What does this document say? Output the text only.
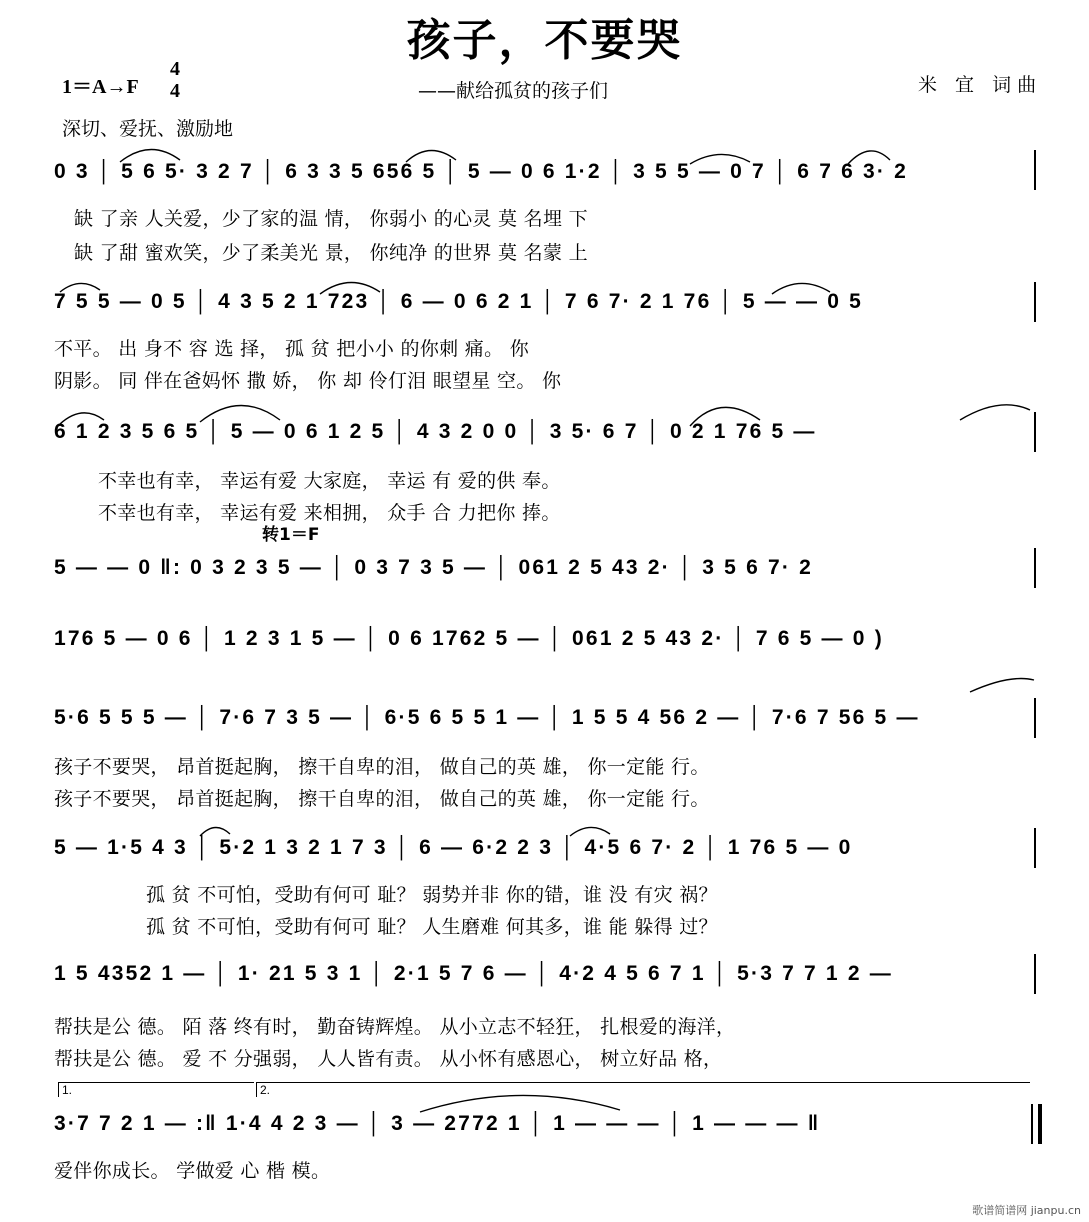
孩子，不要哭
1＝A→F
4
4	——献给孤贫的孩子们	米 宜 词曲
深切、爱抚、激励地
转1＝F
0 3 │ 5 6 5· 3 2 7 │ 6 3 3 5 656 5 │ 5 — 0 6 1·2 │ 3 5 5 — 0 7 │ 6 7 6 3· 2
缺 了亲 人关爱，少了家的温 情， 你弱小 的心灵 莫 名埋 下
缺 了甜 蜜欢笑，少了柔美光 景， 你纯净 的世界 莫 名蒙 上
7 5 5 — 0 5 │ 4 3 5 2 1 723 │ 6 — 0 6 2 1 │ 7 6 7· 2 1 76 │ 5 — — 0 5
不平。 出 身不 容 选 择， 孤 贫 把小小 的你刺 痛。 你
阴影。 同 伴在爸妈怀 撒 娇， 你 却 伶仃泪 眼望星 空。 你
6 1 2 3 5 6 5 │ 5 — 0 6 1 2 5 │ 4 3 2 0 0 │ 3 5· 6 7 │ 0 2 1 76 5 —
不幸也有幸， 幸运有爱 大家庭， 幸运 有 爱的供 奉。
不幸也有幸， 幸运有爱 来相拥， 众手 合 力把你 捧。
5 — — 0 ‖: 0 3 2 3 5 — │ 0 3 7 3 5 — │ 061 2 5 43 2· │ 3 5 6 7· 2
176 5 — 0 6 │ 1 2 3 1 5 — │ 0 6 1762 5 — │ 061 2 5 43 2· │ 7 6 5 — 0 )
5·6 5 5 5 — │ 7·6 7 3 5 — │ 6·5 6 5 5 1 — │ 1 5 5 4 56 2 — │ 7·6 7 56 5 —
孩子不要哭， 昂首挺起胸， 擦干自卑的泪， 做自己的英 雄， 你一定能 行。
孩子不要哭， 昂首挺起胸， 擦干自卑的泪， 做自己的英 雄， 你一定能 行。
5 — 1·5 4 3 │ 5·2 1 3 2 1 7 3 │ 6 — 6·2 2 3 │ 4·5 6 7· 2 │ 1 76 5 — 0
孤 贫 不可怕，受助有何可 耻？ 弱势并非 你的错，谁 没 有灾 祸？
孤 贫 不可怕，受助有何可 耻？ 人生磨难 何其多，谁 能 躲得 过？
1 5 4352 1 — │ 1· 21 5 3 1 │ 2·1 5 7 6 — │ 4·2 4 5 6 7 1 │ 5·3 7 7 1 2 —
帮扶是公 德。 陌 落 终有时， 勤奋铸辉煌。 从小立志不轻狂， 扎根爱的海洋，
帮扶是公 德。 爱 不 分强弱， 人人皆有责。 从小怀有感恩心， 树立好品 格，
1.	2.
3·7 7 2 1 — :‖ 1·4 4 2 3 — │ 3 — 2772 1 │ 1 — — — │ 1 — — — ‖
爱伴你成长。 学做爱 心 楷 模。
歌谱简谱网 jianpu.cn
